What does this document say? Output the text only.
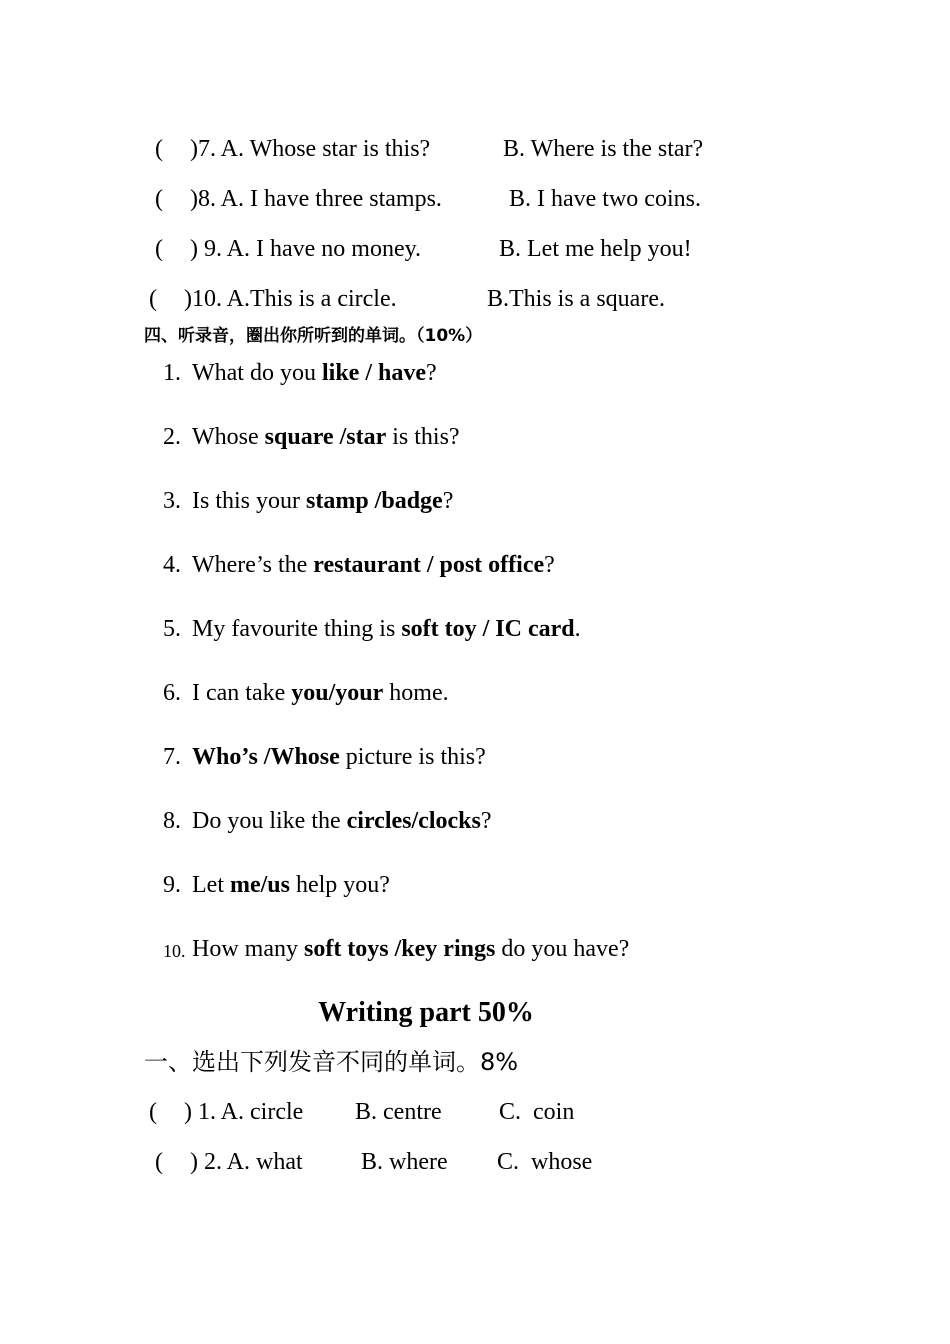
( )7. A. Whose star is this?	B. Where is the star?
( )8. A. I have three stamps.	B. I have two coins.
( ) 9. A. I have no money.	B. Let me help you!
( )10. A.This is a circle.	B.This is a square.
四、听录音，圈出你所听到的单词。（10%）
1. What do you like / have?
2. Whose square /star is this?
3. Is this your stamp /badge?
4. Where’s the restaurant / post office?
5. My favourite thing is soft toy / IC card.
6. I can take you/your home.
7. Who’s /Whose picture is this?
8. Do you like the circles/clocks?
9. Let me/us help you?
10. How many soft toys /key rings do you have?
Writing part 50%
一、选出下列发音不同的单词。8%
( ) 1. A. circle B. centre C.  coin
( ) 2. A. what B. where C.  whose
